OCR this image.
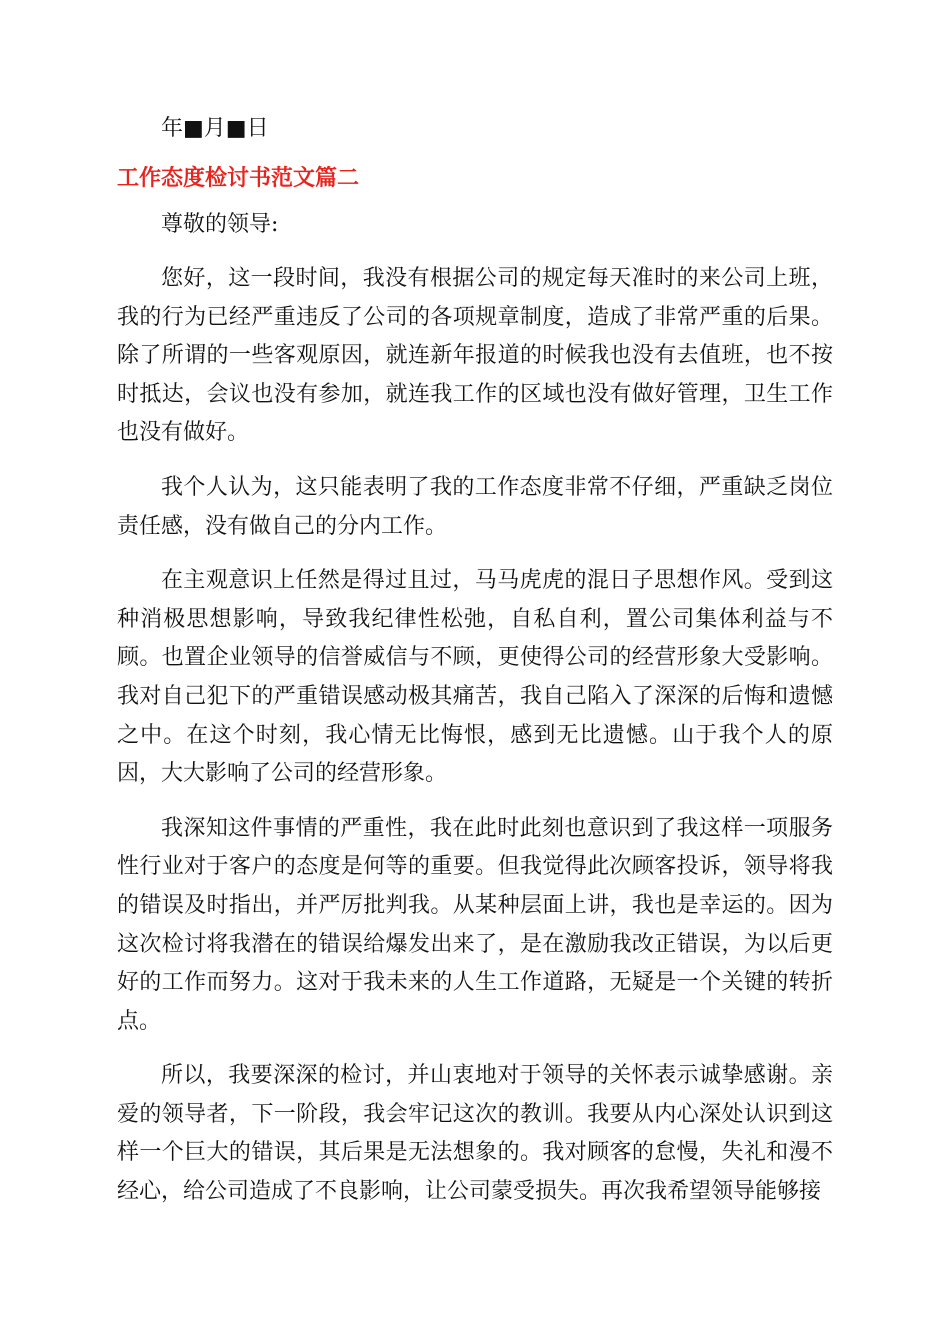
年■月■日

工作态度检讨书范文篇二

尊敬的领导:

您好，这一段时间，我没有根据公司的规定每天准时的来公司上班，我的行为已经严重违反了公司的各项规章制度，造成了非常严重的后果。除了所谓的一些客观原因，就连新年报道的时候我也没有去值班，也不按时抵达，会议也没有参加，就连我工作的区域也没有做好管理，卫生工作也没有做好。

我个人认为，这只能表明了我的工作态度非常不仔细，严重缺乏岗位责任感，没有做自己的分内工作。

在主观意识上任然是得过且过，马马虎虎的混日子思想作风。受到这种消极思想影响，导致我纪律性松弛，自私自利，置公司集体利益与不顾。也置企业领导的信誉威信与不顾，更使得公司的经营形象大受影响。我对自己犯下的严重错误感动极其痛苦，我自己陷入了深深的后悔和遗憾之中。在这个时刻，我心情无比悔恨，感到无比遗憾。山于我个人的原因，大大影响了公司的经营形象。

我深知这件事情的严重性，我在此时此刻也意识到了我这样一项服务性行业对于客户的态度是何等的重要。但我觉得此次顾客投诉，领导将我的错误及时指出，并严厉批判我。从某种层面上讲，我也是幸运的。因为这次检讨将我潜在的错误给爆发出来了，是在激励我改正错误，为以后更好的工作而努力。这对于我未来的人生工作道路，无疑是一个关键的转折点。

所以，我要深深的检讨，并山衷地对于领导的关怀表示诚挚感谢。亲爱的领导者，下一阶段，我会牢记这次的教训。我要从内心深处认识到这样一个巨大的错误，其后果是无法想象的。我对顾客的怠慢，失礼和漫不经心，给公司造成了不良影响，让公司蒙受损失。再次我希望领导能够接
